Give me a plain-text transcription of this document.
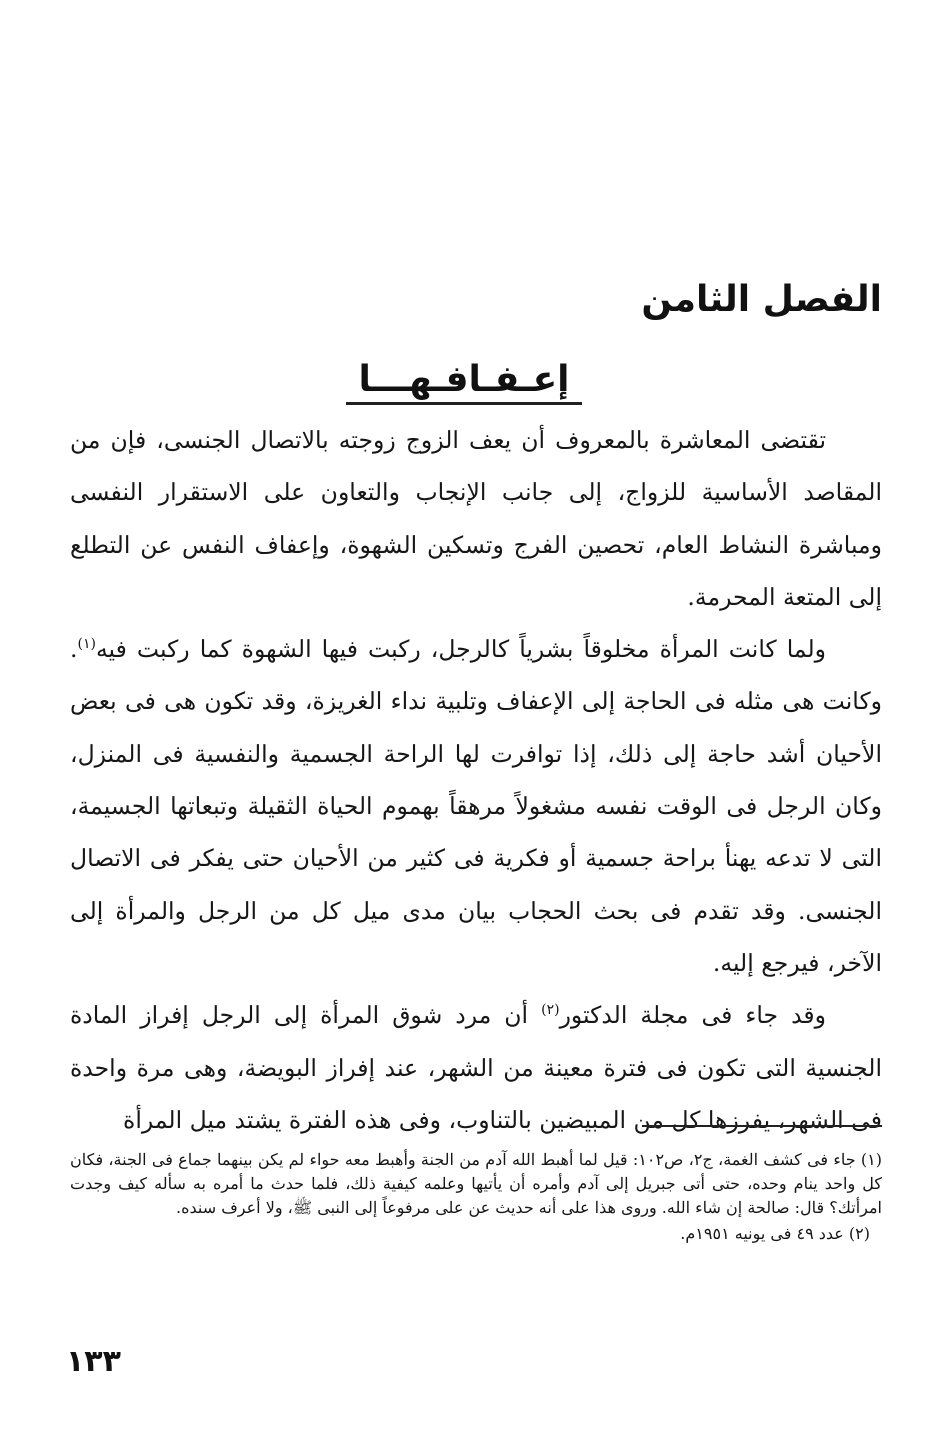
الفصل الثامن
إعـفـافـهـــا

تقتضى المعاشرة بالمعروف أن يعف الزوج زوجته بالاتصال الجنسى، فإن من المقاصد الأساسية للزواج، إلى جانب الإنجاب والتعاون على الاستقرار النفسى ومباشرة النشاط العام، تحصين الفرج وتسكين الشهوة، وإعفاف النفس عن التطلع إلى المتعة المحرمة.

ولما كانت المرأة مخلوقاً بشرياً كالرجل، ركبت فيها الشهوة كما ركبت فيه$^{(١)}$. وكانت هى مثله فى الحاجة إلى الإعفاف وتلبية نداء الغريزة، وقد تكون هى فى بعض الأحيان أشد حاجة إلى ذلك، إذا توافرت لها الراحة الجسمية والنفسية فى المنزل، وكان الرجل فى الوقت نفسه مشغولاً مرهقاً بهموم الحياة الثقيلة وتبعاتها الجسيمة، التى لا تدعه يهنأ براحة جسمية أو فكرية فى كثير من الأحيان حتى يفكر فى الاتصال الجنسى. وقد تقدم فى بحث الحجاب بيان مدى ميل كل من الرجل والمرأة إلى الآخر، فيرجع إليه.

وقد جاء فى مجلة الدكتور$^{(٢)}$ أن مرد شوق المرأة إلى الرجل إفراز المادة الجنسية التى تكون فى فترة معينة من الشهر، عند إفراز البويضة، وهى مرة واحدة فى الشهر، يفرزها كل من المبيضين بالتناوب، وفى هذه الفترة يشتد ميل المرأة

(١) جاء فى كشف الغمة، ج٢، ص١٠٢: قيل لما أهبط الله آدم من الجنة وأهبط معه حواء لم يكن بينهما جماع فى الجنة، فكان كل واحد ينام وحده، حتى أتى جبريل إلى آدم وأمره أن يأتيها وعلمه كيفية ذلك، فلما حدث ما أمره به سأله كيف وجدت امرأتك؟ قال: صالحة إن شاء الله. وروى هذا على أنه حديث عن على مرفوعاً إلى النبى ﷺ، ولا أعرف سنده.

(٢) عدد ٤٩ فى يونيه ١٩٥١م.

١٣٣
